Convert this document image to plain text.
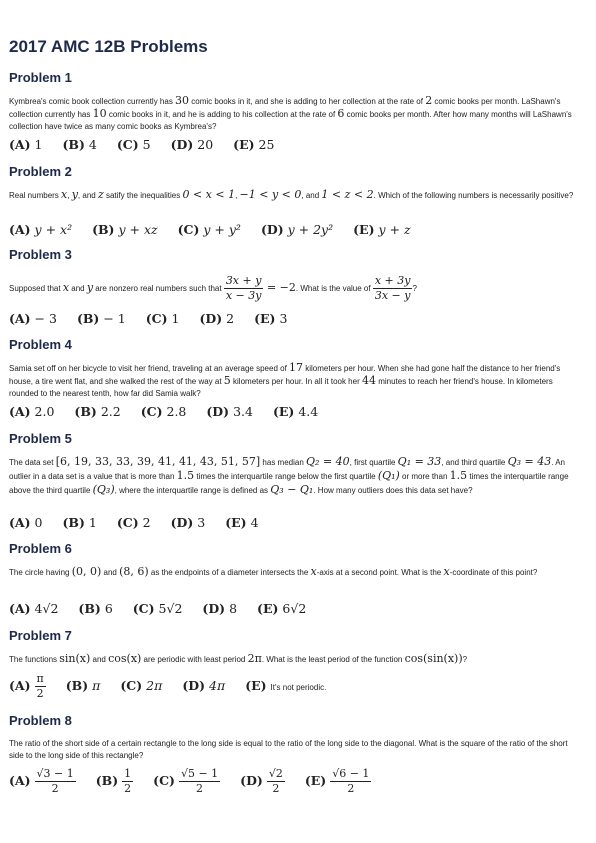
2017 AMC 12B Problems
Problem 1
Kymbrea's comic book collection currently has 30 comic books in it, and she is adding to her collection at the rate of 2 comic books per month. LaShawn's collection currently has 10 comic books in it, and he is adding to his collection at the rate of 6 comic books per month. After how many months will LaShawn's collection have twice as many comic books as Kymbrea's?
(A) 1 (B) 4 (C) 5 (D) 20 (E) 25
Problem 2
Real numbers x, y, and z satify the inequalities 0 < x < 1, −1 < y < 0, and 1 < z < 2. Which of the following numbers is necessarily positive?
(A) y + x² (B) y + xz (C) y + y² (D) y + 2y² (E) y + z
Problem 3
Supposed that x and y are nonzero real numbers such that $\frac{3x + y}{x - 3y} = -2$. What is the value of $\frac{x + 3y}{3x - y}$ ?
(A) − 3 (B) − 1 (C) 1 (D) 2 (E) 3
Problem 4
Samia set off on her bicycle to visit her friend, traveling at an average speed of 17 kilometers per hour. When she had gone half the distance to her friend's house, a tire went flat, and she walked the rest of the way at 5 kilometers per hour. In all it took her 44 minutes to reach her friend's house. In kilometers rounded to the nearest tenth, how far did Samia walk?
(A) 2.0 (B) 2.2 (C) 2.8 (D) 3.4 (E) 4.4
Problem 5
The data set [6, 19, 33, 33, 39, 41, 41, 43, 51, 57] has median Q₂ = 40, first quartile Q₁ = 33, and third quartile Q₃ = 43. An outlier in a data set is a value that is more than 1.5 times the interquartile range below the first quartile (Q₁) or more than 1.5 times the interquartile range above the third quartile (Q₃), where the interquartile range is defined as Q₃ − Q₁. How many outliers does this data set have?
(A) 0 (B) 1 (C) 2 (D) 3 (E) 4
Problem 6
The circle having (0, 0) and (8, 6) as the endpoints of a diameter intersects the x-axis at a second point. What is the x-coordinate of this point?
(A) 4√2 (B) 6 (C) 5√2 (D) 8 (E) 6√2
Problem 7
The functions sin(x) and cos(x) are periodic with least period 2π. What is the least period of the function cos(sin(x))?
$(A) \frac{\pi}{2} (B)$ π (C) 2π (D) 4π (E) It's not periodic.
Problem 8
The ratio of the short side of a certain rectangle to the long side is equal to the ratio of the long side to the diagonal. What is the square of the ratio of the short side to the long side of this rectangle?
$(A) \frac{√3 - 1}{2} (B) \frac{1}{2} (C) \frac{√5 - 1}{2} (D) \frac{√2}{2} (E) \frac{√6 - 1}{2}$
